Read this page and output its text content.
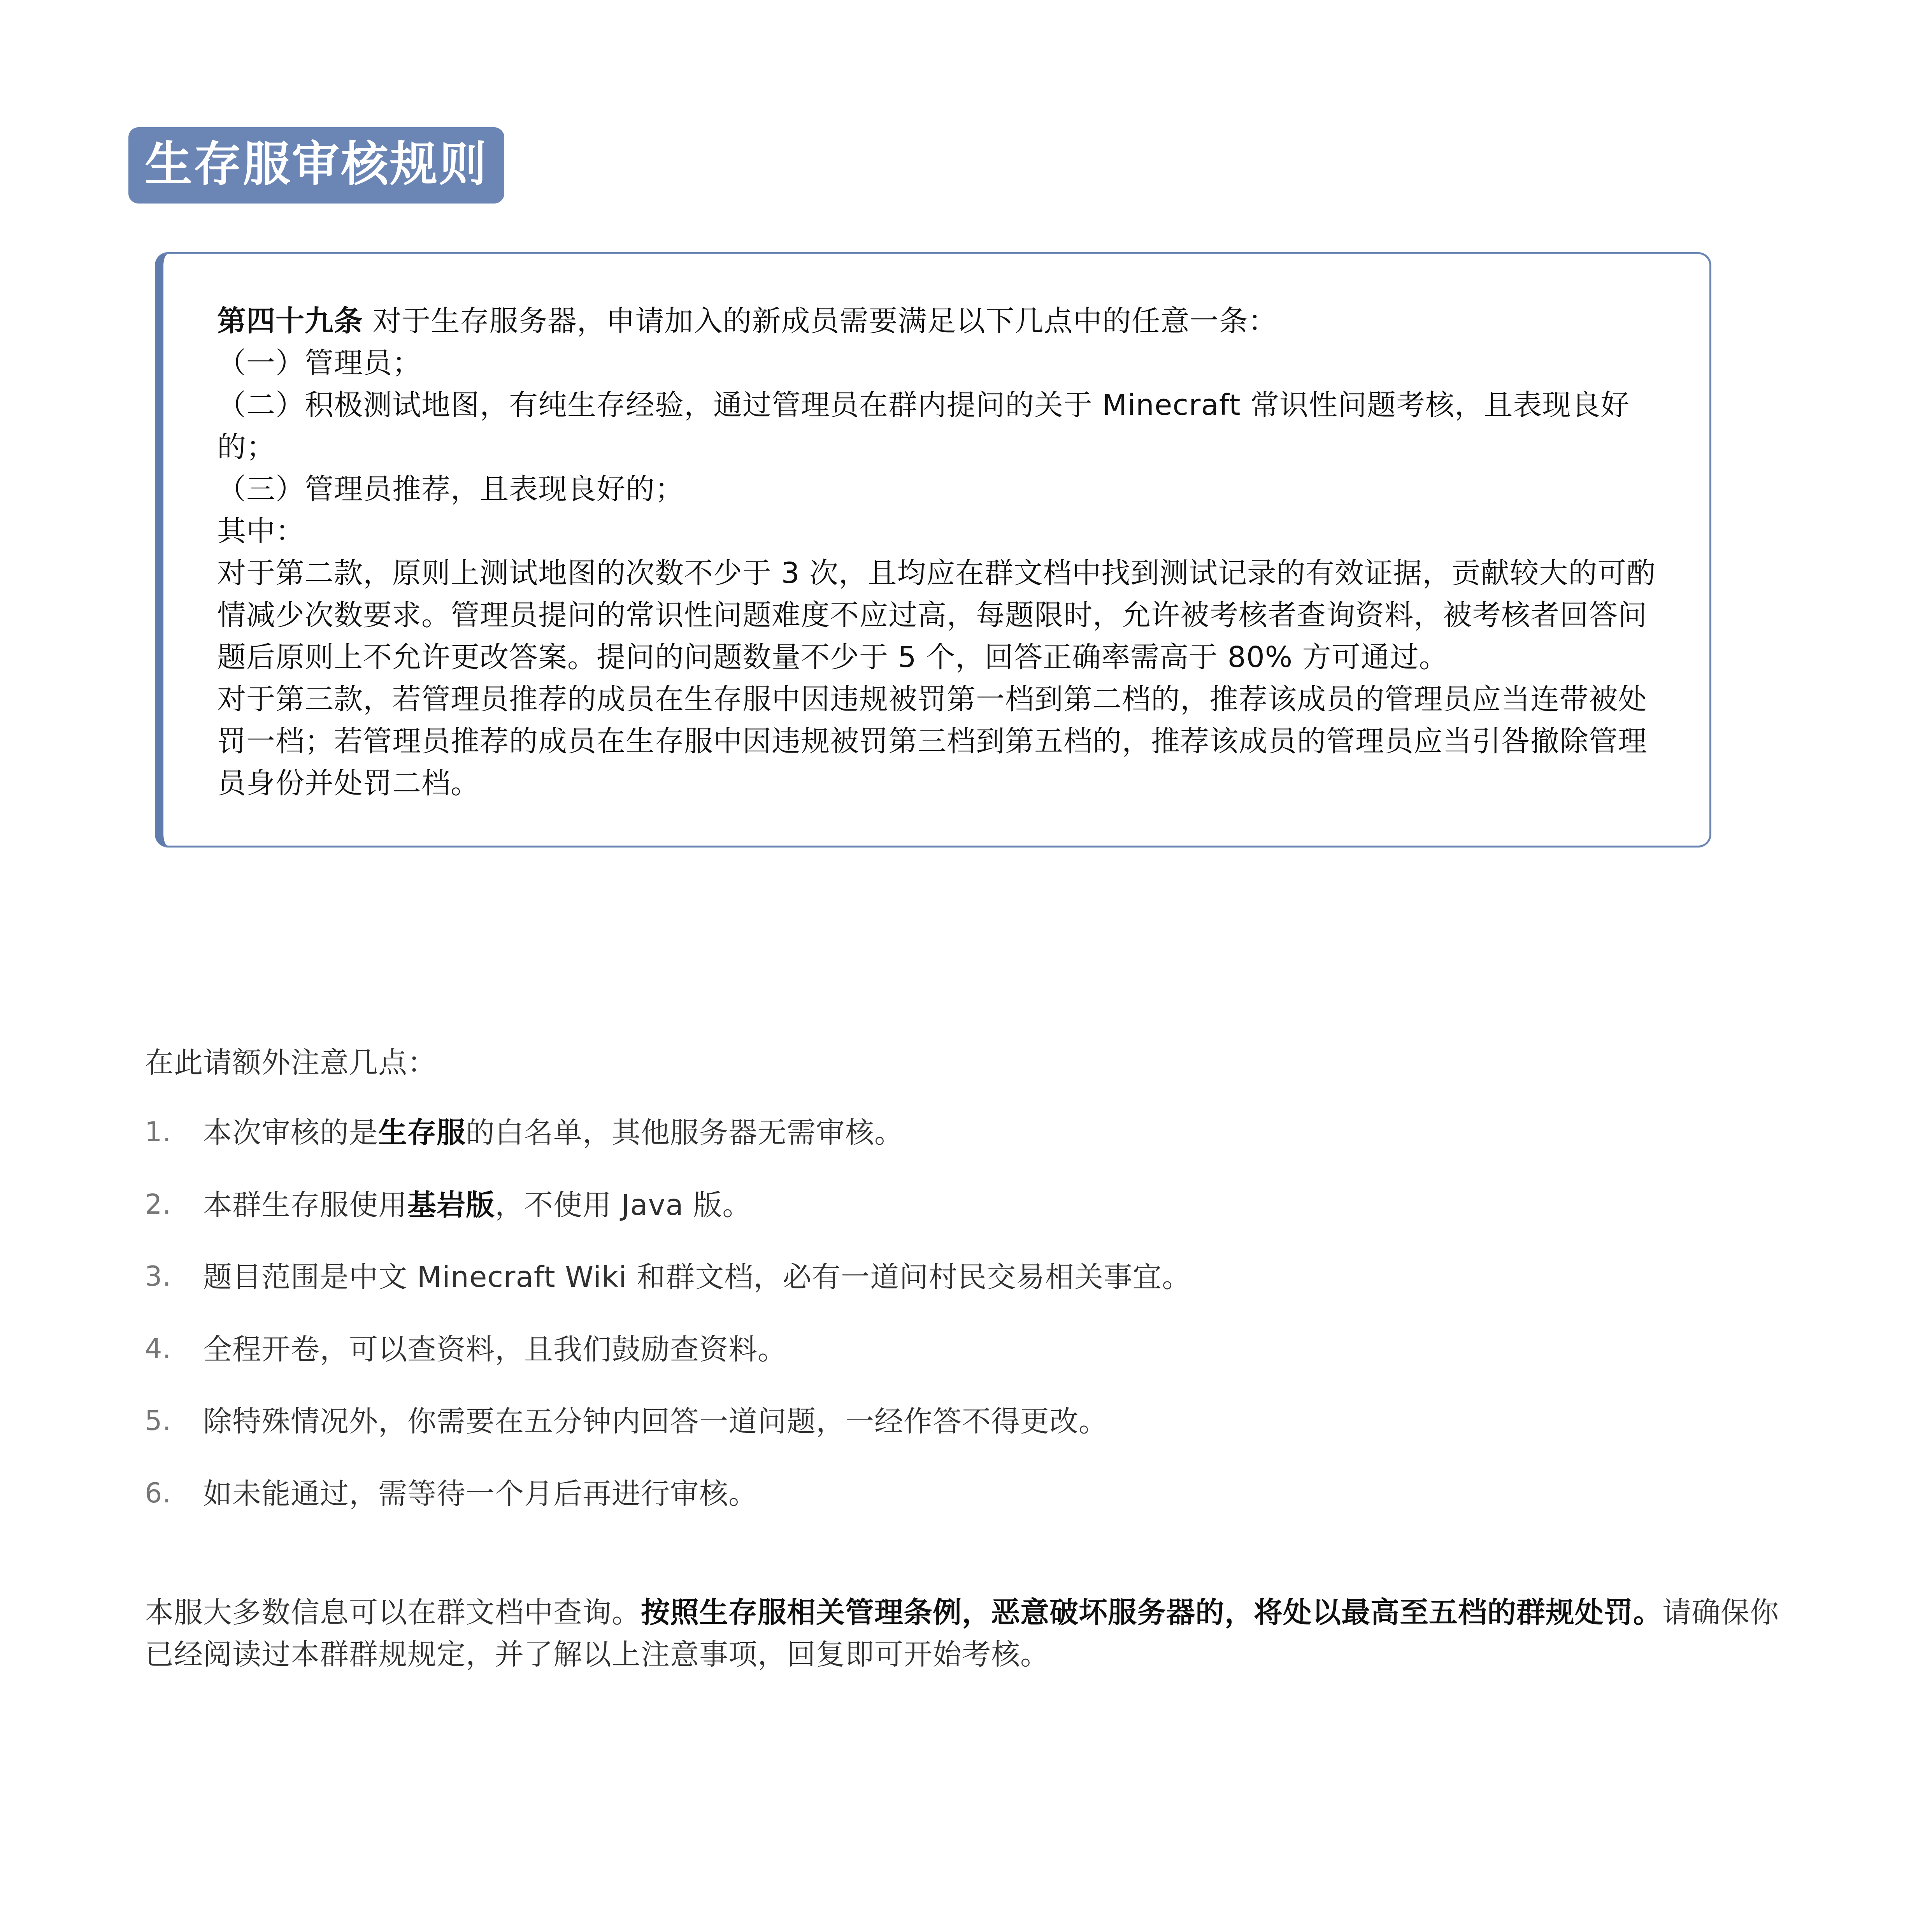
生存服审核规则
第四十九条 对于生存服务器，申请加入的新成员需要满足以下几点中的任意一条：
（一）管理员；
（二）积极测试地图，有纯生存经验，通过管理员在群内提问的关于 Minecraft 常识性问题考核，且表现良好的；
（三）管理员推荐，且表现良好的；
其中：
对于第二款，原则上测试地图的次数不少于 3 次，且均应在群文档中找到测试记录的有效证据，贡献较大的可酌情减少次数要求。管理员提问的常识性问题难度不应过高，每题限时，允许被考核者查询资料，被考核者回答问题后原则上不允许更改答案。提问的问题数量不少于 5 个，回答正确率需高于 80% 方可通过。
对于第三款，若管理员推荐的成员在生存服中因违规被罚第一档到第二档的，推荐该成员的管理员应当连带被处罚一档；若管理员推荐的成员在生存服中因违规被罚第三档到第五档的，推荐该成员的管理员应当引咎撤除管理员身份并处罚二档。
在此请额外注意几点：
1.	本次审核的是生存服的白名单，其他服务器无需审核。
2.	本群生存服使用基岩版，不使用 Java 版。
3.	题目范围是中文 Minecraft Wiki 和群文档，必有一道问村民交易相关事宜。
4.	全程开卷，可以查资料，且我们鼓励查资料。
5.	除特殊情况外，你需要在五分钟内回答一道问题，一经作答不得更改。
6.	如未能通过，需等待一个月后再进行审核。
本服大多数信息可以在群文档中查询。按照生存服相关管理条例，恶意破坏服务器的，将处以最高至五档的群规处罚。请确保你已经阅读过本群群规规定，并了解以上注意事项，回复即可开始考核。
